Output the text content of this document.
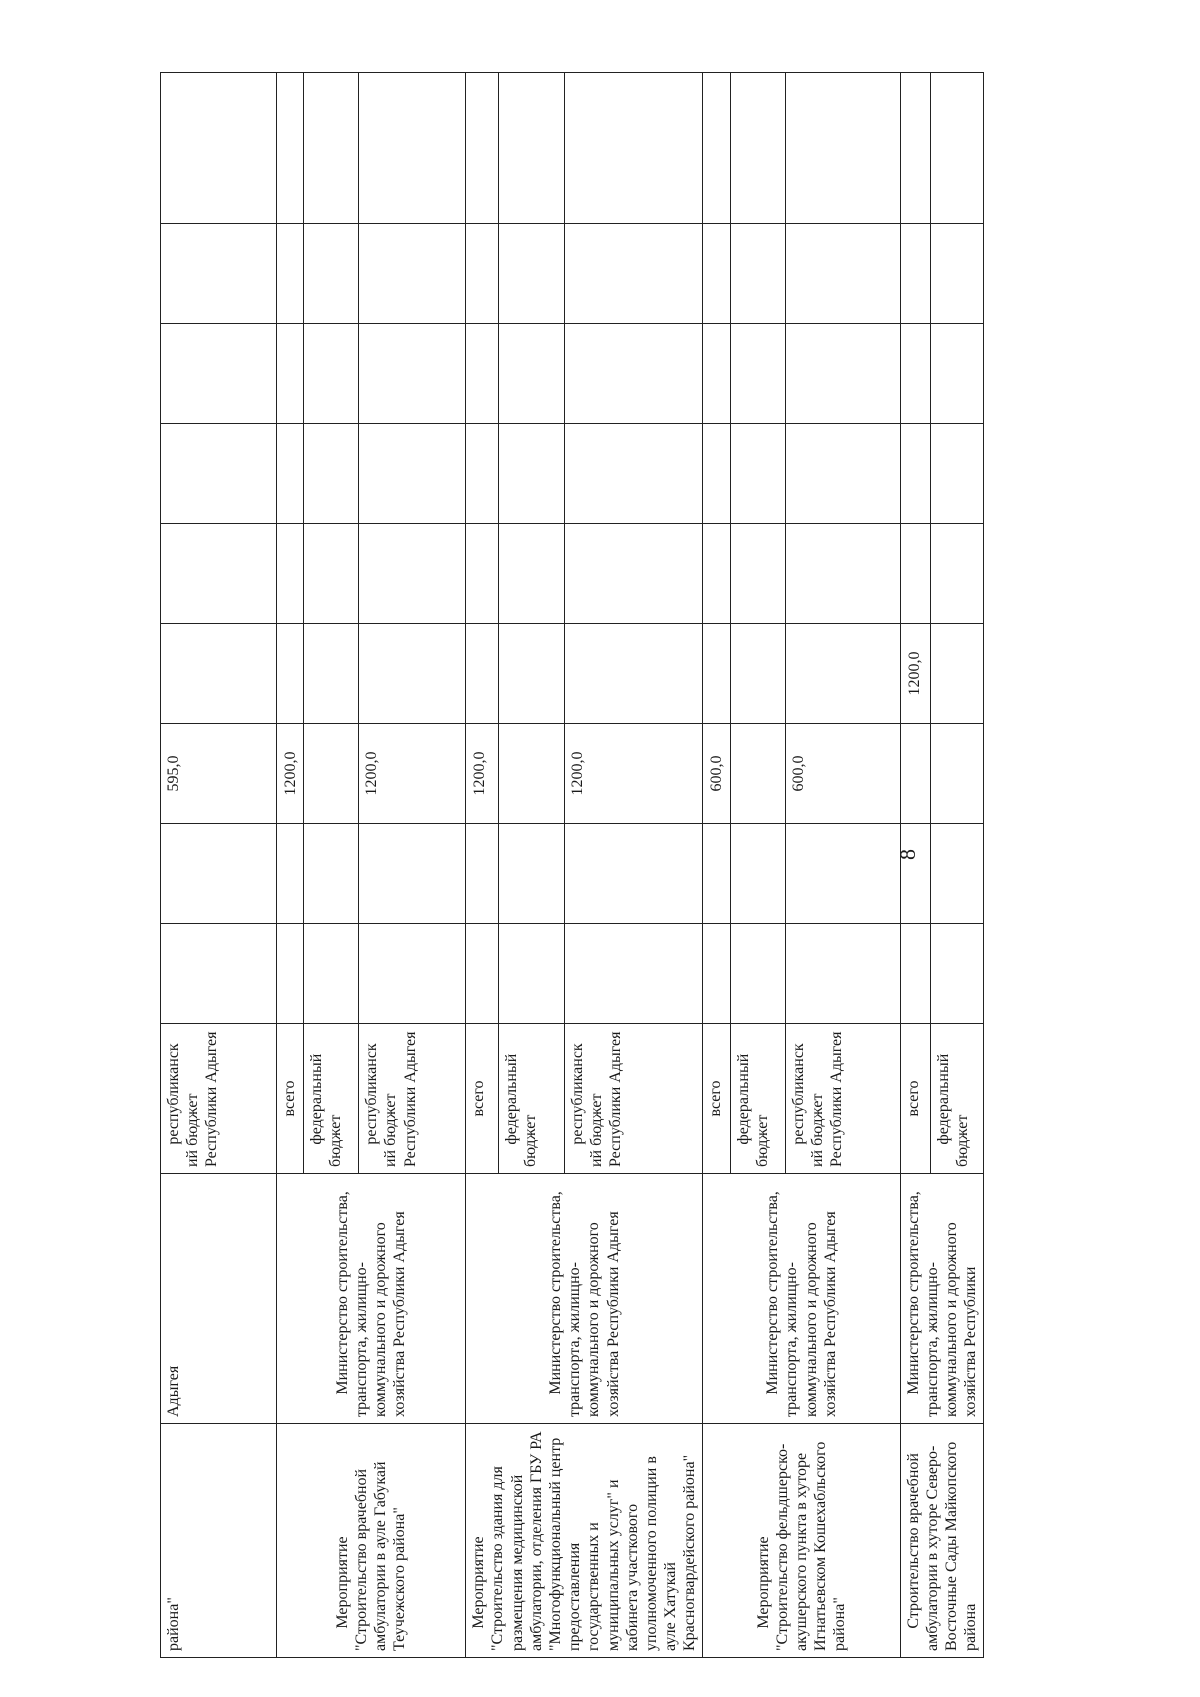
8
района"	Адыгея	республиканск ий бюджет Республики Адыгея			595,0						
Мероприятие "Строительство врачебной амбулатории в ауле Габукай Теучежского района"	Министерство строительства, транспорта, жилищно-коммунального и дорожного хозяйства Республики Адыгея	всего			1200,0						
		федеральный бюджет									
		республиканск ий бюджет Республики Адыгея			1200,0						
Мероприятие "Строительство здания для размещения медицинской амбулатории, отделения ГБУ РА "Многофункциональный центр предоставления государственных и муниципальных услуг" и кабинета участкового уполномоченного полиции в ауле Хатукай Красногвардейского района"	Министерство строительства, транспорта, жилищно-коммунального и дорожного хозяйства Республики Адыгея	всего			1200,0						
		федеральный бюджет									
		республиканск ий бюджет Республики Адыгея			1200,0						
Мероприятие "Строительство фельдшерско-акушерского пункта в хуторе Игнатьевском Кошехабльского района"	Министерство строительства, транспорта, жилищно-коммунального и дорожного хозяйства Республики Адыгея	всего			600,0						
		федеральный бюджет									
		республиканск ий бюджет Республики Адыгея			600,0						
Строительство врачебной амбулатории в хуторе Северо-Восточные Сады Майкопского района	Министерство строительства, транспорта, жилищно-коммунального и дорожного хозяйства Республики	всего				1200,0					
		федеральный бюджет									
